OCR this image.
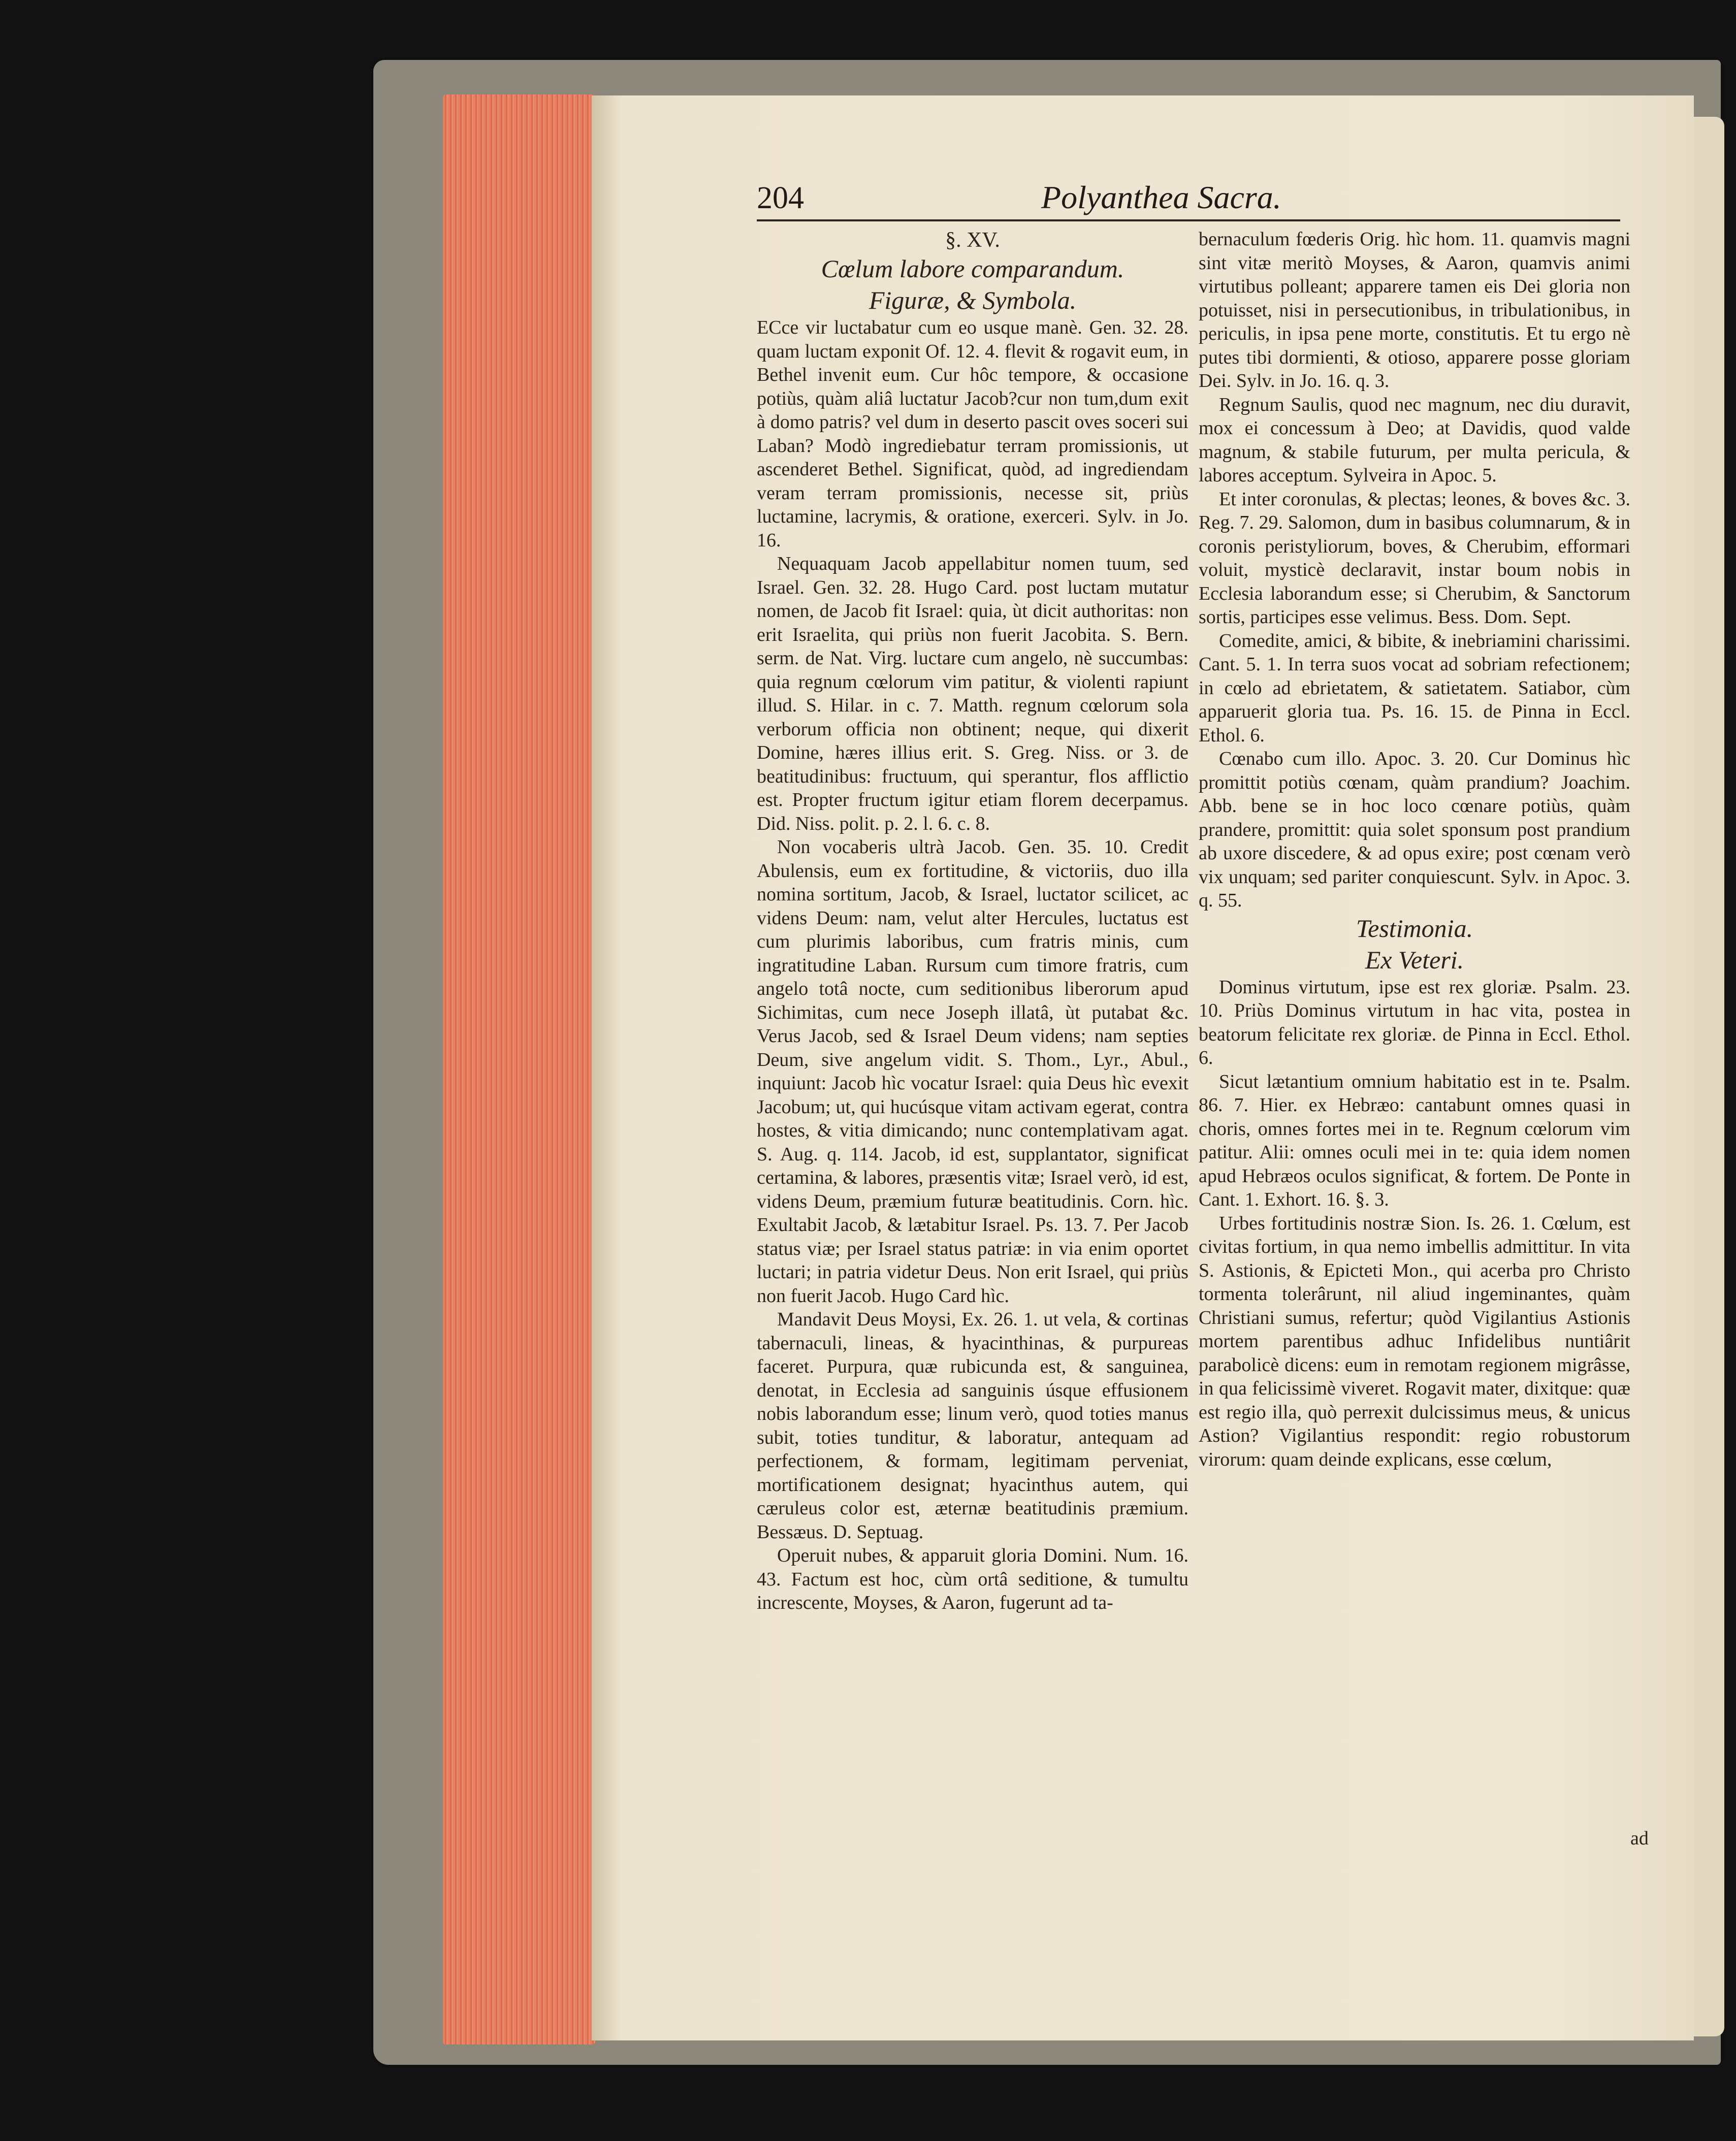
204	Polyanthea Sacra.

§. XV.

Cœlum labore comparandum.

Figuræ, & Symbola.

ECce vir luctabatur cum eo usque manè. Gen. 32. 28. quam luctam exponit Of. 12. 4. flevit & rogavit eum, in Bethel invenit eum. Cur hôc tempore, & occasione potiùs, quàm aliâ luctatur Jacob?cur non tum,dum exit à domo patris? vel dum in deserto pascit oves soceri sui Laban? Modò ingrediebatur terram promissionis, ut ascenderet Bethel. Significat, quòd, ad ingrediendam veram terram promissionis, necesse sit, priùs luctamine, lacrymis, & oratione, exerceri. Sylv. in Jo. 16.

Nequaquam Jacob appellabitur nomen tuum, sed Israel. Gen. 32. 28. Hugo Card. post luctam mutatur nomen, de Jacob fit Israel: quia, ùt dicit authoritas: non erit Israelita, qui priùs non fuerit Jacobita. S. Bern. serm. de Nat. Virg. luctare cum angelo, nè succumbas: quia regnum cœlorum vim patitur, & violenti rapiunt illud. S. Hilar. in c. 7. Matth. regnum cœlorum sola verborum officia non obtinent; neque, qui dixerit Domine, hæres illius erit. S. Greg. Niss. or 3. de beatitudinibus: fructuum, qui sperantur, flos afflictio est. Propter fructum igitur etiam florem decerpamus. Did. Niss. polit. p. 2. l. 6. c. 8.

Non vocaberis ultrà Jacob. Gen. 35. 10. Credit Abulensis, eum ex fortitudine, & victoriis, duo illa nomina sortitum, Jacob, & Israel, luctator scilicet, ac videns Deum: nam, velut alter Hercules, luctatus est cum plurimis laboribus, cum fratris minis, cum ingratitudine Laban. Rursum cum timore fratris, cum angelo totâ nocte, cum seditionibus liberorum apud Sichimitas, cum nece Joseph illatâ, ùt putabat &c. Verus Jacob, sed & Israel Deum videns; nam septies Deum, sive angelum vidit. S. Thom., Lyr., Abul., inquiunt: Jacob hìc vocatur Israel: quia Deus hìc evexit Jacobum; ut, qui hucúsque vitam activam egerat, contra hostes, & vitia dimicando; nunc contemplativam agat. S. Aug. q. 114. Jacob, id est, supplantator, significat certamina, & labores, præsentis vitæ; Israel verò, id est, videns Deum, præmium futuræ beatitudinis. Corn. hìc. Exultabit Jacob, & lætabitur Israel. Ps. 13. 7. Per Jacob status viæ; per Israel status patriæ: in via enim oportet luctari; in patria videtur Deus. Non erit Israel, qui priùs non fuerit Jacob. Hugo Card hìc.

Mandavit Deus Moysi, Ex. 26. 1. ut vela, & cortinas tabernaculi, lineas, & hyacinthinas, & purpureas faceret. Purpura, quæ rubicunda est, & sanguinea, denotat, in Ecclesia ad sanguinis úsque effusionem nobis laborandum esse; linum verò, quod toties manus subit, toties tunditur, & laboratur, antequam ad perfectionem, & formam, legitimam perveniat, mortificationem designat; hyacinthus autem, qui cæruleus color est, æternæ beatitudinis præmium. Bessæus. D. Septuag.

Operuit nubes, & apparuit gloria Domini. Num. 16. 43. Factum est hoc, cùm ortâ seditione, & tumultu increscente, Moyses, & Aaron, fugerunt ad ta-

bernaculum fœderis Orig. hìc hom. 11. quamvis magni sint vitæ meritò Moyses, & Aaron, quamvis animi virtutibus polleant; apparere tamen eis Dei gloria non potuisset, nisi in persecutionibus, in tribulationibus, in periculis, in ipsa pene morte, constitutis. Et tu ergo nè putes tibi dormienti, & otioso, apparere posse gloriam Dei. Sylv. in Jo. 16. q. 3.

Regnum Saulis, quod nec magnum, nec diu duravit, mox ei concessum à Deo; at Davidis, quod valde magnum, & stabile futurum, per multa pericula, & labores acceptum. Sylveira in Apoc. 5.

Et inter coronulas, & plectas; leones, & boves &c. 3. Reg. 7. 29. Salomon, dum in basibus columnarum, & in coronis peristyliorum, boves, & Cherubim, efformari voluit, mysticè declaravit, instar boum nobis in Ecclesia laborandum esse; si Cherubim, & Sanctorum sortis, participes esse velimus. Bess. Dom. Sept.

Comedite, amici, & bibite, & inebriamini charissimi. Cant. 5. 1. In terra suos vocat ad sobriam refectionem; in cœlo ad ebrietatem, & satietatem. Satiabor, cùm apparuerit gloria tua. Ps. 16. 15. de Pinna in Eccl. Ethol. 6.

Cœnabo cum illo. Apoc. 3. 20. Cur Dominus hìc promittit potiùs cœnam, quàm prandium? Joachim. Abb. bene se in hoc loco cœnare potiùs, quàm prandere, promittit: quia solet sponsum post prandium ab uxore discedere, & ad opus exire; post cœnam verò vix unquam; sed pariter conquiescunt. Sylv. in Apoc. 3. q. 55.

Testimonia.

Ex Veteri.

Dominus virtutum, ipse est rex gloriæ. Psalm. 23. 10. Priùs Dominus virtutum in hac vita, postea in beatorum felicitate rex gloriæ. de Pinna in Eccl. Ethol. 6.

Sicut lætantium omnium habitatio est in te. Psalm. 86. 7. Hier. ex Hebræo: cantabunt omnes quasi in choris, omnes fortes mei in te. Regnum cœlorum vim patitur. Alii: omnes oculi mei in te: quia idem nomen apud Hebræos oculos significat, & fortem. De Ponte in Cant. 1. Exhort. 16. §. 3.

Urbes fortitudinis nostræ Sion. Is. 26. 1. Cœlum, est civitas fortium, in qua nemo imbellis admittitur. In vita S. Astionis, & Epicteti Mon., qui acerba pro Christo tormenta tolerârunt, nil aliud ingeminantes, quàm Christiani sumus, refertur; quòd Vigilantius Astionis mortem parentibus adhuc Infidelibus nuntiârit parabolicè dicens: eum in remotam regionem migrâsse, in qua felicissimè viveret. Rogavit mater, dixitque: quæ est regio illa, quò perrexit dulcissimus meus, & unicus Astion? Vigilantius respondit: regio robustorum virorum: quam deinde explicans, esse cœlum,

ad
